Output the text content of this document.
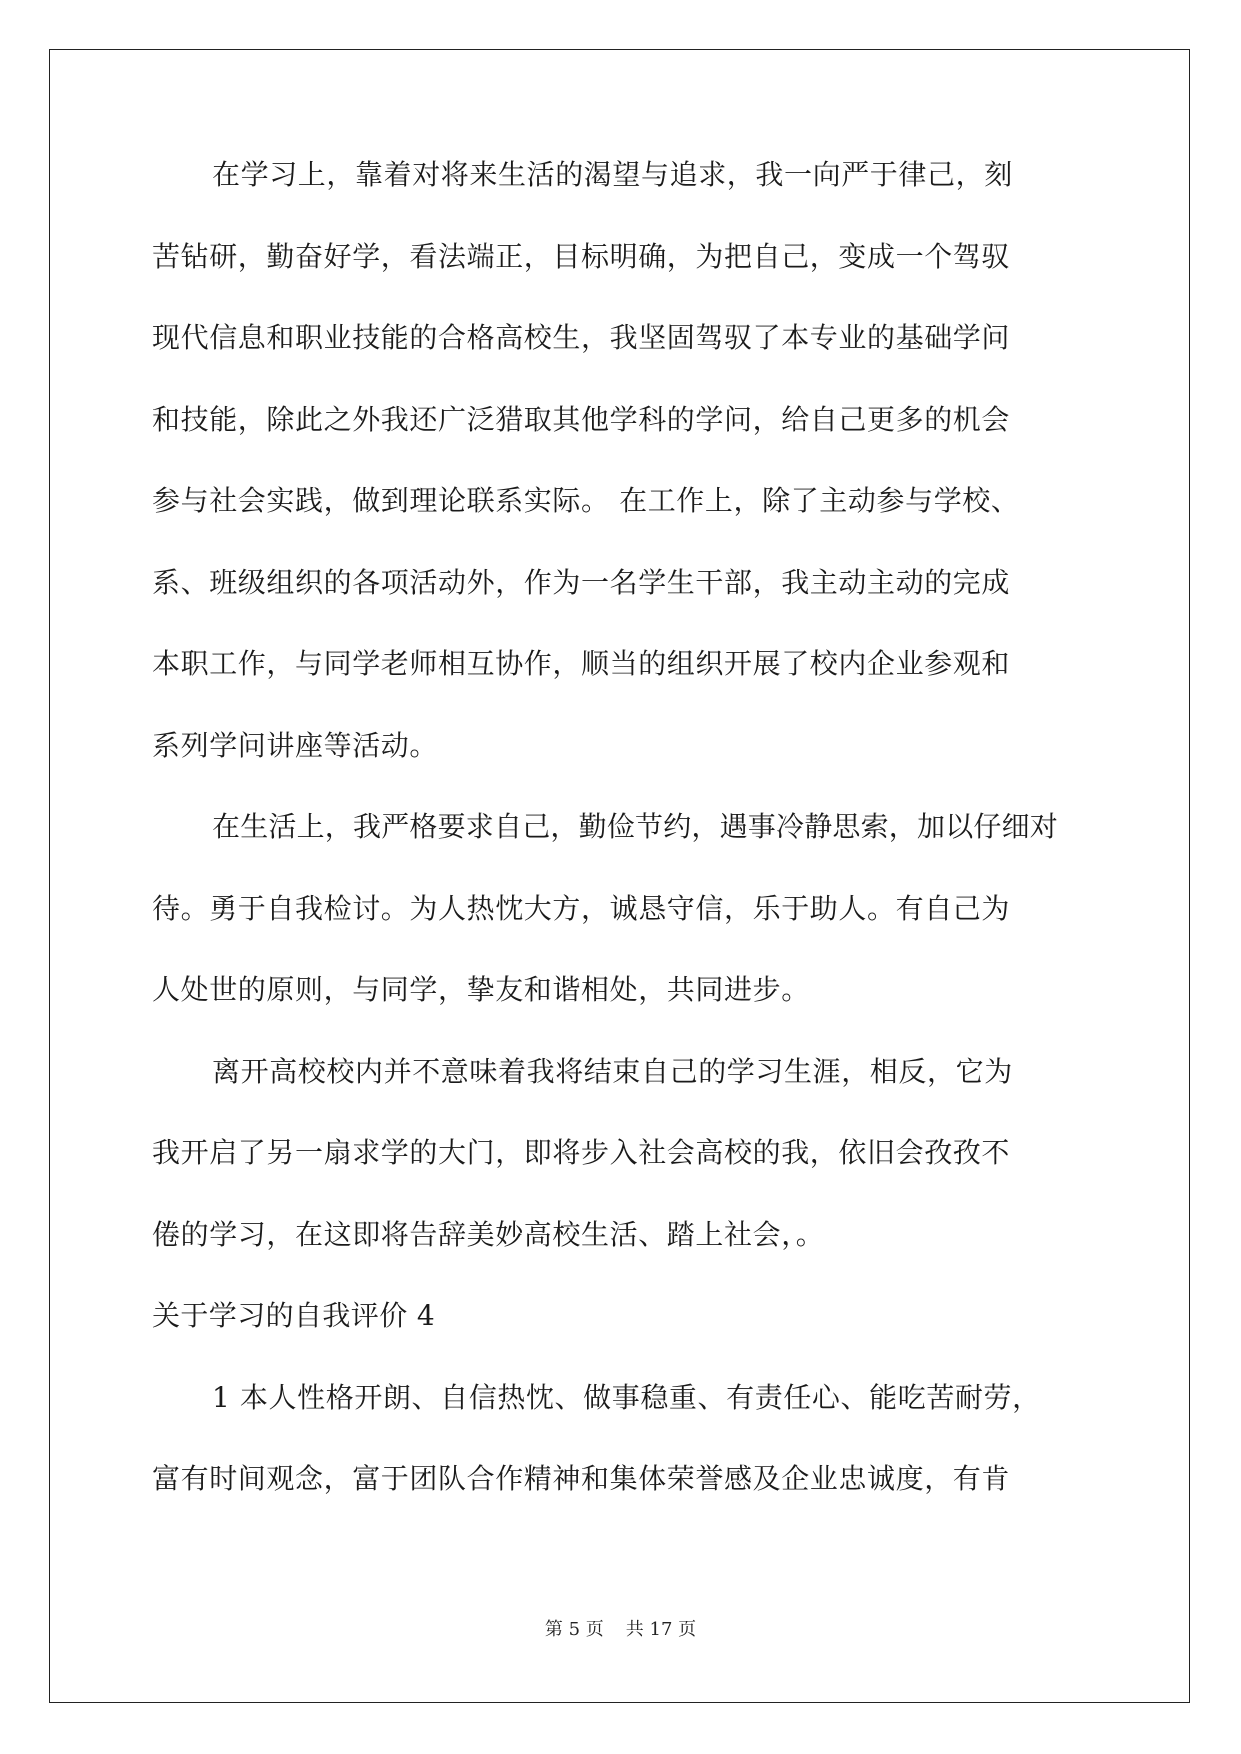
在学习上，靠着对将来生活的渴望与追求，我一向严于律己，刻
苦钻研，勤奋好学，看法端正，目标明确，为把自己，变成一个驾驭
现代信息和职业技能的合格高校生，我坚固驾驭了本专业的基础学问
和技能，除此之外我还广泛猎取其他学科的学问，给自己更多的机会
参与社会实践，做到理论联系实际。 在工作上，除了主动参与学校、
系、班级组织的各项活动外，作为一名学生干部，我主动主动的完成
本职工作，与同学老师相互协作，顺当的组织开展了校内企业参观和
系列学问讲座等活动。
在生活上，我严格要求自己，勤俭节约，遇事冷静思索，加以仔细对
待。勇于自我检讨。为人热忱大方，诚恳守信，乐于助人。有自己为
人处世的原则，与同学，挚友和谐相处，共同进步。
离开高校校内并不意味着我将结束自己的学习生涯，相反，它为
我开启了另一扇求学的大门，即将步入社会高校的我，依旧会孜孜不
倦的学习，在这即将告辞美妙高校生活、踏上社会，。
关于学习的自我评价 4
1 本人性格开朗、自信热忱、做事稳重、有责任心、能吃苦耐劳，
富有时间观念，富于团队合作精神和集体荣誉感及企业忠诚度，有肯
第 5 页 共 17 页
